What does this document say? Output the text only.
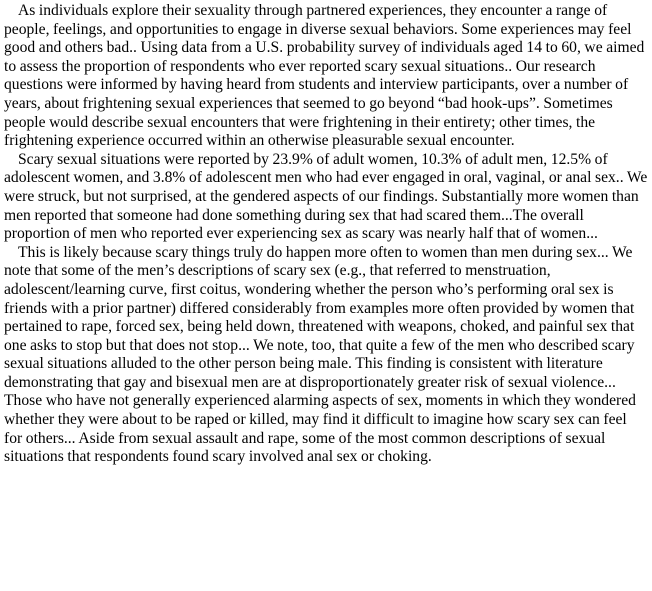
As individuals explore their sexuality through partnered experiences, they encounter a range of people, feelings, and opportunities to engage in diverse sexual behaviors. Some experiences may feel good and others bad.. Using data from a U.S. probability survey of individuals aged 14 to 60, we aimed to assess the proportion of respondents who ever reported scary sexual situations.. Our research questions were informed by having heard from students and interview participants, over a number of years, about frightening sexual experiences that seemed to go beyond “bad hook-ups”. Sometimes people would describe sexual encounters that were frightening in their entirety; other times, the frightening experience occurred within an otherwise pleasurable sexual encounter.

Scary sexual situations were reported by 23.9% of adult women, 10.3% of adult men, 12.5% of adolescent women, and 3.8% of adolescent men who had ever engaged in oral, vaginal, or anal sex.. We were struck, but not surprised, at the gendered aspects of our findings. Substantially more women than men reported that someone had done something during sex that had scared them...The overall proportion of men who reported ever experiencing sex as scary was nearly half that of women...

This is likely because scary things truly do happen more often to women than men during sex... We note that some of the men’s descriptions of scary sex (e.g., that referred to menstruation, adolescent/learning curve, first coitus, wondering whether the person who’s performing oral sex is friends with a prior partner) differed considerably from examples more often provided by women that pertained to rape, forced sex, being held down, threatened with weapons, choked, and painful sex that one asks to stop but that does not stop... We note, too, that quite a few of the men who described scary sexual situations alluded to the other person being male. This finding is consistent with literature demonstrating that gay and bisexual men are at disproportionately greater risk of sexual violence... Those who have not generally experienced alarming aspects of sex, moments in which they wondered whether they were about to be raped or killed, may find it difficult to imagine how scary sex can feel for others... Aside from sexual assault and rape, some of the most common descriptions of sexual situations that respondents found scary involved anal sex or choking.
